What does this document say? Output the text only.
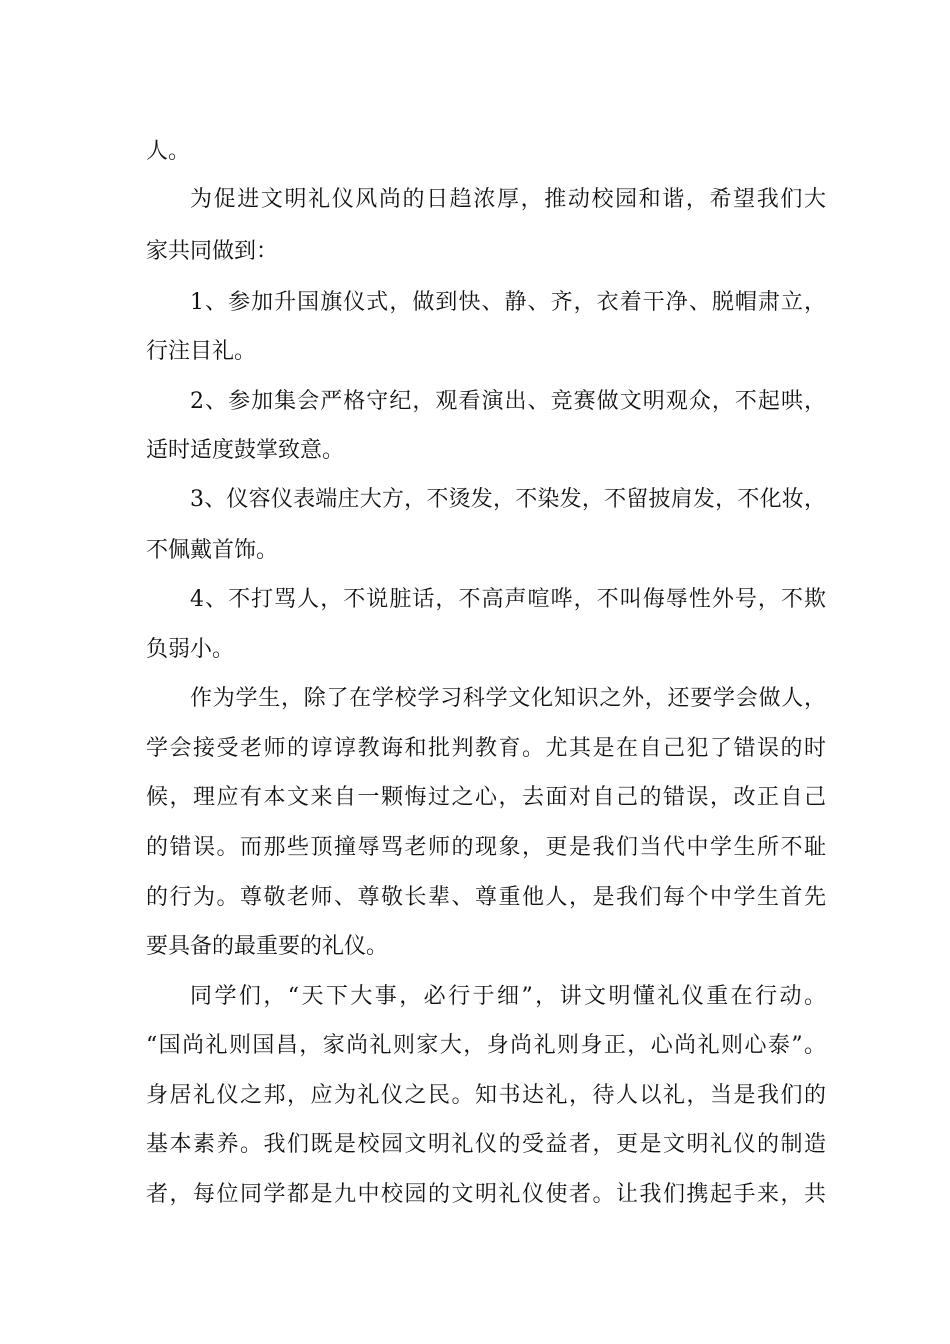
人。
为促进文明礼仪风尚的日趋浓厚，推动校园和谐，希望我们大
家共同做到：
1、参加升国旗仪式，做到快、静、齐，衣着干净、脱帽肃立，
行注目礼。
2、参加集会严格守纪，观看演出、竞赛做文明观众，不起哄，
适时适度鼓掌致意。
3、仪容仪表端庄大方，不烫发，不染发，不留披肩发，不化妆，
不佩戴首饰。
4、不打骂人，不说脏话，不高声喧哗，不叫侮辱性外号，不欺
负弱小。
作为学生，除了在学校学习科学文化知识之外，还要学会做人，
学会接受老师的谆谆教诲和批判教育。尤其是在自己犯了错误的时
候，理应有本文来自一颗悔过之心，去面对自己的错误，改正自己
的错误。而那些顶撞辱骂老师的现象，更是我们当代中学生所不耻
的行为。尊敬老师、尊敬长辈、尊重他人，是我们每个中学生首先
要具备的最重要的礼仪。
同学们，“天下大事，必行于细”，讲文明懂礼仪重在行动。
“国尚礼则国昌，家尚礼则家大，身尚礼则身正，心尚礼则心泰”。
身居礼仪之邦，应为礼仪之民。知书达礼，待人以礼，当是我们的
基本素养。我们既是校园文明礼仪的受益者，更是文明礼仪的制造
者，每位同学都是九中校园的文明礼仪使者。让我们携起手来，共
